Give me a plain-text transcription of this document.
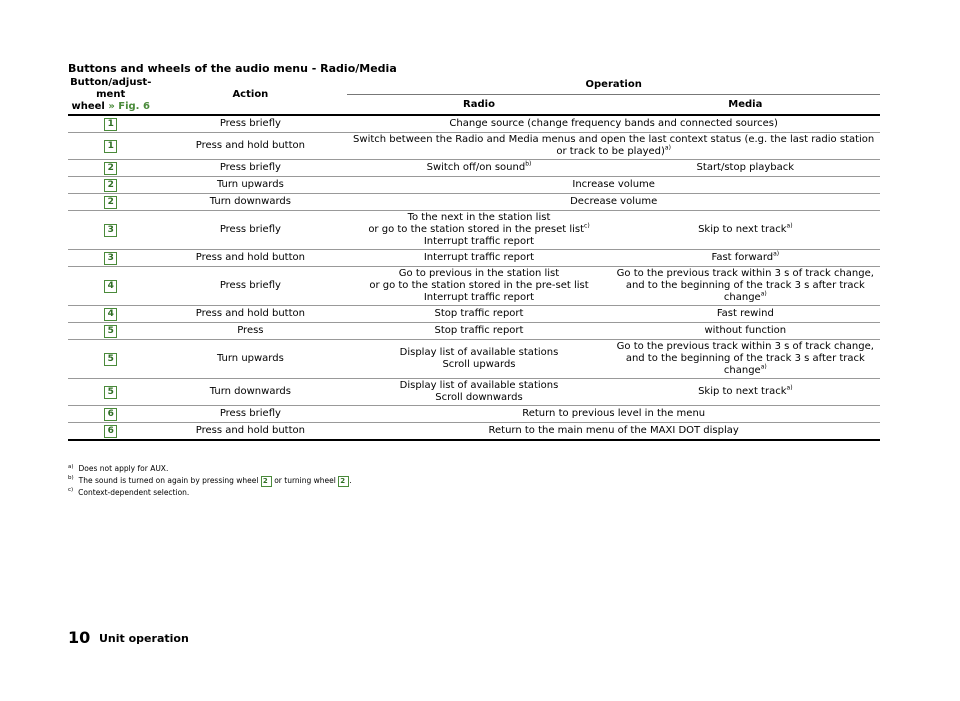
Buttons and wheels of the audio menu - Radio/Media
Button/adjust-
ment
wheel » Fig. 6	Action	Operation	
		Radio	Media
1	Press briefly	Change source (change frequency bands and connected sources)	
1	Press and hold button	Switch between the Radio and Media menus and open the last context status (e.g. the last radio station or track to be played)$^{a)}$
2	Press briefly	Switch off/on sound$^{b)}$	Start/stop playback
2	Turn upwards	Increase volume	
2	Turn downwards	Decrease volume	
3	Press briefly	To the next in the station list
or go to the station stored in the preset list$^{c)}$
Interrupt traffic report	Skip to next track$^{a)}$
3	Press and hold button	Interrupt traffic report	Fast forward$^{a)}$
4	Press briefly	Go to previous in the station list
or go to the station stored in the pre-set list
Interrupt traffic report	Go to the previous track within 3 s of track change,
and to the beginning of the track 3 s after track
change$^{a)}$
4	Press and hold button	Stop traffic report	Fast rewind
5	Press	Stop traffic report	without function
5	Turn upwards	Display list of available stations
Scroll upwards	Go to the previous track within 3 s of track change,
and to the beginning of the track 3 s after track
change$^{a)}$
5	Turn downwards	Display list of available stations
Scroll downwards	Skip to next track$^{a)}$
6	Press briefly	Return to previous level in the menu	
6	Press and hold button	Return to the main menu of the MAXI DOT display	
$^{a)}$ Does not apply for AUX.
$^{b)}$ The sound is turned on again by pressing wheel 2 or turning wheel 2 .
$^{c)}$ Context-dependent selection.
10 Unit operation
